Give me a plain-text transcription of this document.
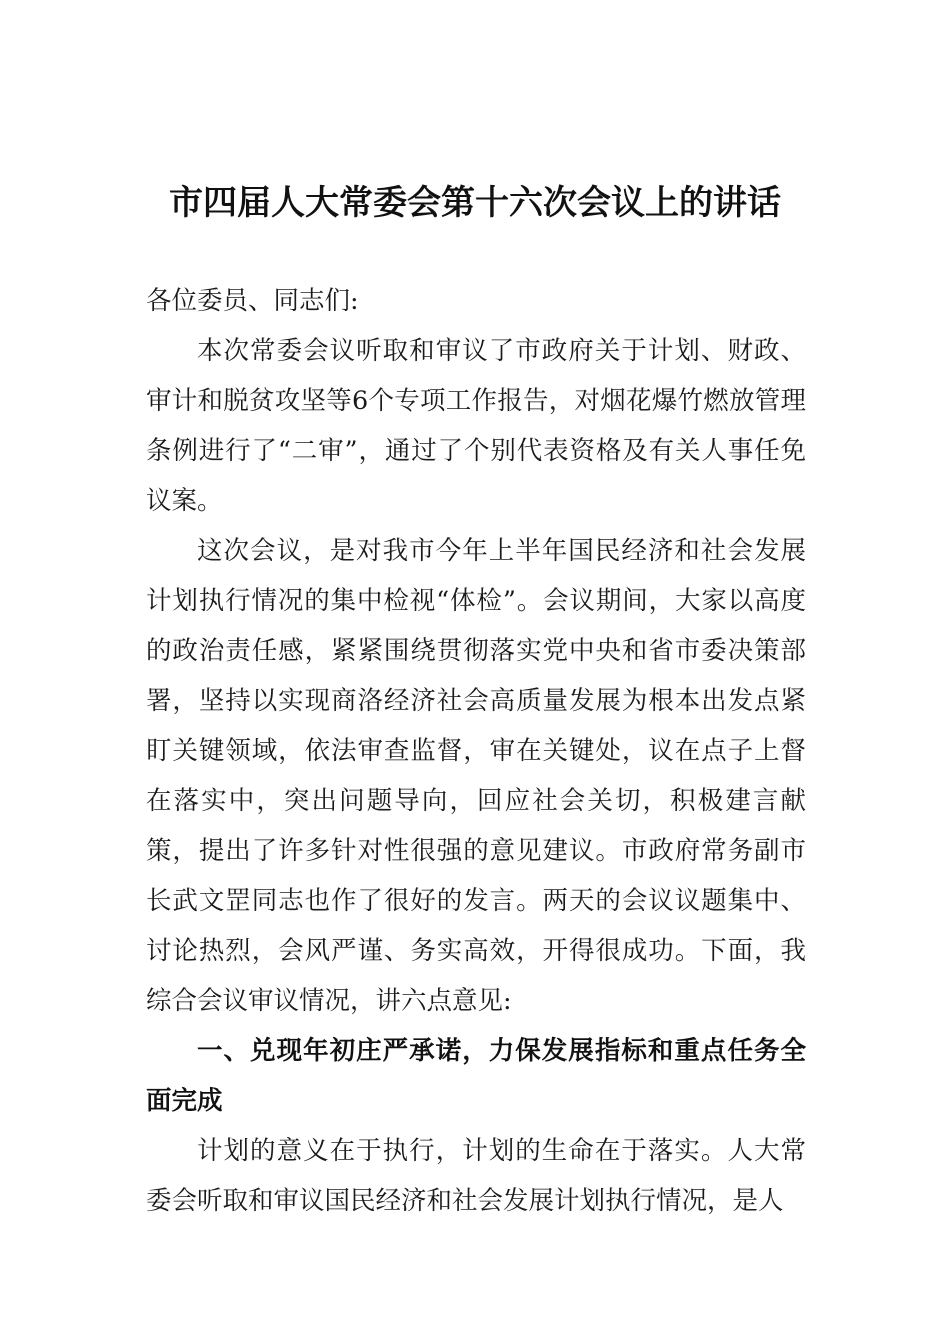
市四届人大常委会第十六次会议上的讲话

各位委员、同志们:

本次常委会议听取和审议了市政府关于计划、财政、审计和脱贫攻坚等6个专项工作报告，对烟花爆竹燃放管理条例进行了“二审”，通过了个别代表资格及有关人事任免议案。

这次会议，是对我市今年上半年国民经济和社会发展计划执行情况的集中检视“体检”。会议期间，大家以高度的政治责任感，紧紧围绕贯彻落实党中央和省市委决策部署，坚持以实现商洛经济社会高质量发展为根本出发点紧盯关键领域，依法审查监督，审在关键处，议在点子上督在落实中，突出问题导向，回应社会关切，积极建言献策，提出了许多针对性很强的意见建议。市政府常务副市长武文罡同志也作了很好的发言。两天的会议议题集中、讨论热烈，会风严谨、务实高效，开得很成功。下面，我综合会议审议情况，讲六点意见:

一、兑现年初庄严承诺，力保发展指标和重点任务全面完成

计划的意义在于执行，计划的生命在于落实。人大常委会听取和审议国民经济和社会发展计划执行情况，是人
